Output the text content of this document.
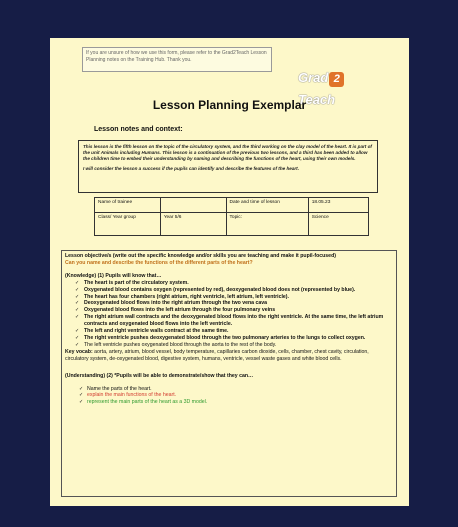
If you are unsure of how we use this form, please refer to the Grad2Teach Lesson Planning notes on the Training Hub. Thank you.
Grad 2Teach
Lesson Planning Exemplar
Lesson notes and context:

This lesson is the fifth lesson on the topic of the circulatory system, and the third working on the clay model of the heart. It is part of the unit Animals including Humans. This lesson is a continuation of the previous two lessons, and a third has been added to allow the children time to embed their understanding by naming and describing the functions of the heart, using their own models.

I will consider the lesson a success if the pupils can identify and describe the features of the heart.

Name of trainee		Date and time of lesson	18.05.23
Class/ Year group	Year 5/6	Topic:	Science
Lesson objective/s (write out the specific knowledge and/or skills you are teaching and make it pupil-focused)
Can you name and describe the functions of the different parts of the heart?
(Knowledge) (1) Pupils will know that…
✓ The heart is part of the circulatory system.
✓ Oxygenated blood contains oxygen (represented by red), deoxygenated blood does not (represented by blue).
✓ The heart has four chambers (right atrium, right ventricle, left atrium, left ventricle).
✓ Deoxygenated blood flows into the right atrium through the two vena cava
✓ Oxygenated blood flows into the left atrium through the four pulmonary veins
✓ The right atrium wall contracts and the deoxygenated blood flows into the right ventricle. At the same time, the left atrium contracts and oxygenated blood flows into the left ventricle.
✓ The left and right ventricle walls contract at the same time.
✓ The right ventricle pushes deoxygenated blood through the two pulmonary arteries to the lungs to collect oxygen.
✓ The left ventricle pushes oxygenated blood through the aorta to the rest of the body.
Key vocab: aorta, artery, atrium, blood vessel, body temperature, capillaries carbon dioxide, cells, chamber, chest cavity, circulation, circulatory system, de-oxygenated blood, digestive system, humans, ventricle, vessel waste gases and white blood cells.
(Understanding) (2) *Pupils will be able to demonstrate/show that they can…
✓ Name the parts of the heart.
✓ explain the main functions of the heart.
✓ represent the main parts of the heart as a 3D model.
